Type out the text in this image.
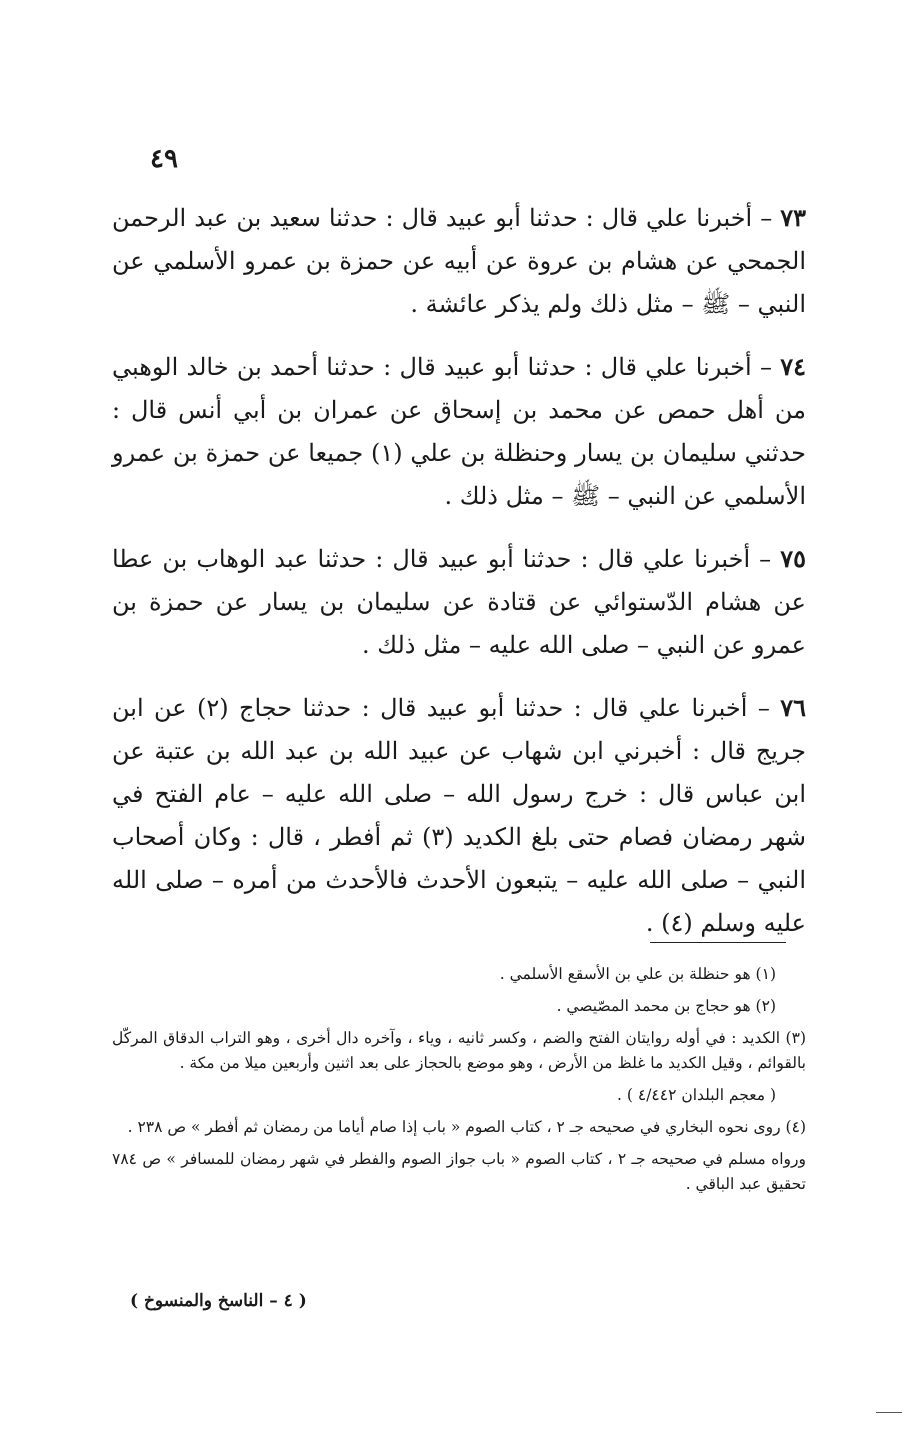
٤٩

٧٣ – أخبرنا علي قال : حدثنا أبو عبيد قال : حدثنا سعيد بن عبد الرحمن الجمحي عن هشام بن عروة عن أبيه عن حمزة بن عمرو الأسلمي عن النبي – ﷺ – مثل ذلك ولم يذكر عائشة .

٧٤ – أخبرنا علي قال : حدثنا أبو عبيد قال : حدثنا أحمد بن خالد الوهبي من أهل حمص عن محمد بن إسحاق عن عمران بن أبي أنس قال : حدثني سليمان بن يسار وحنظلة بن علي (١) جميعا عن حمزة بن عمرو الأسلمي عن النبي – ﷺ – مثل ذلك .

٧٥ – أخبرنا علي قال : حدثنا أبو عبيد قال : حدثنا عبد الوهاب بن عطا عن هشام الدّستوائي عن قتادة عن سليمان بن يسار عن حمزة بن عمرو عن النبي – صلى الله عليه – مثل ذلك .

٧٦ – أخبرنا علي قال : حدثنا أبو عبيد قال : حدثنا حجاج (٢) عن ابن جريج قال : أخبرني ابن شهاب عن عبيد الله بن عبد الله بن عتبة عن ابن عباس قال : خرج رسول الله – صلى الله عليه – عام الفتح في شهر رمضان فصام حتى بلغ الكديد (٣) ثم أفطر ، قال : وكان أصحاب النبي – صلى الله عليه – يتبعون الأحدث فالأحدث من أمره – صلى الله عليه وسلم (٤) .

(١) هو حنظلة بن علي بن الأسقع الأسلمي .

(٢) هو حجاج بن محمد المصّيصي .

(٣) الكديد : في أوله روايتان الفتح والضم ، وكسر ثانيه ، وياء ، وآخره دال أخرى ، وهو التراب الدقاق المركّل بالقوائم ، وقيل الكديد ما غلظ من الأرض ، وهو موضع بالحجاز على بعد اثنين وأربعين ميلا من مكة .

( معجم البلدان ٤/٤٤٢ ) .

(٤) روى نحوه البخاري في صحيحه جـ ٢ ، كتاب الصوم « باب إذا صام أياما من رمضان ثم أفطر » ص ٢٣٨ .

ورواه مسلم في صحيحه جـ ٢ ، كتاب الصوم « باب جواز الصوم والفطر في شهر رمضان للمسافر » ص ٧٨٤ تحقيق عبد الباقي .

( ٤ – الناسخ والمنسوخ )
